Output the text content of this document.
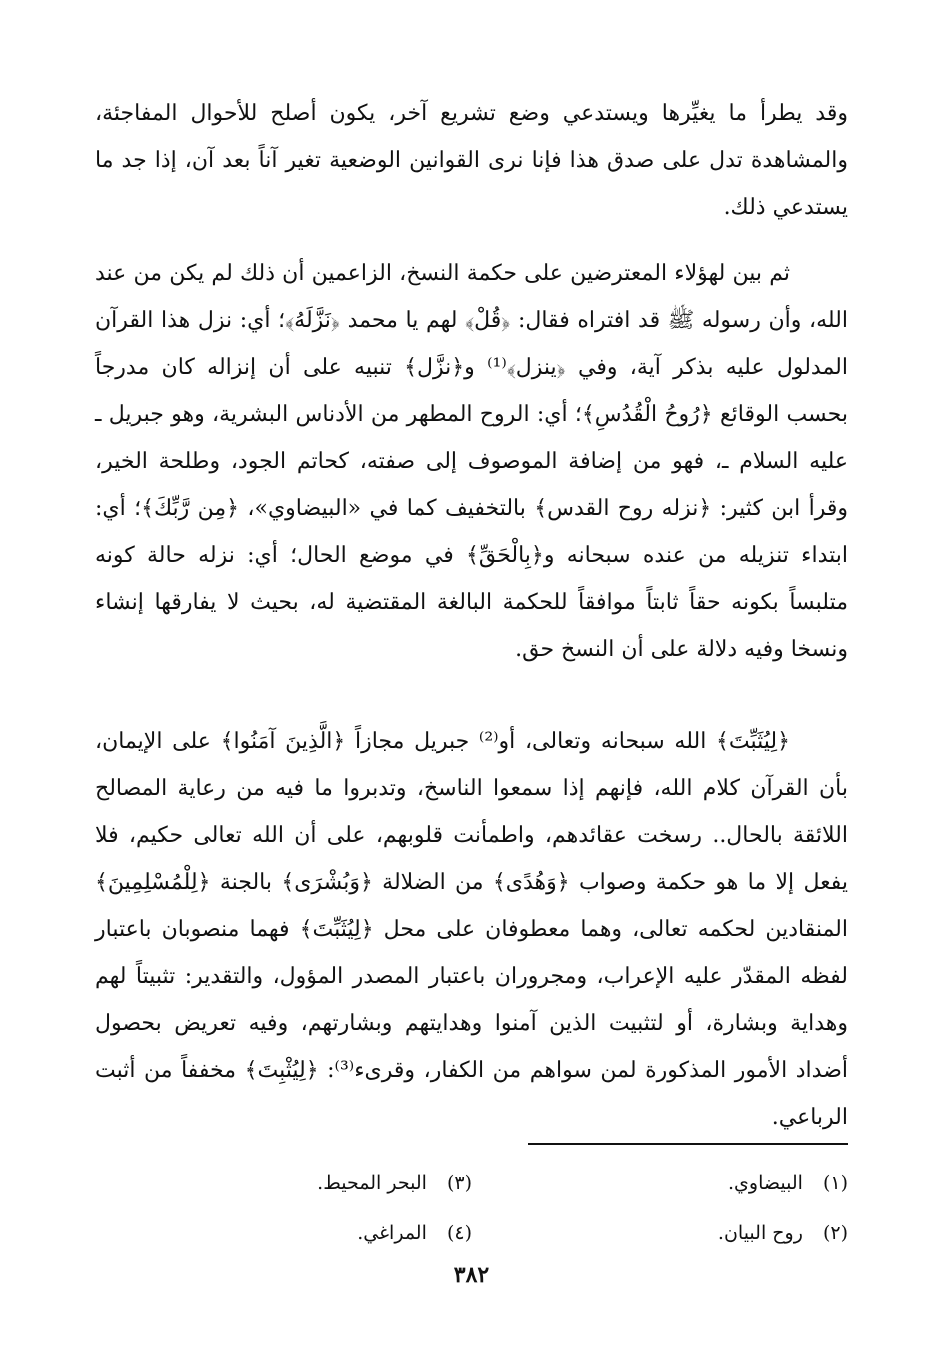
وقد يطرأ ما يغيِّرها ويستدعي وضع تشريع آخر، يكون أصلح للأحوال المفاجئة، والمشاهدة تدل على صدق هذا فإنا نرى القوانين الوضعية تغير آناً بعد آن، إذا جد ما يستدعي ذلك.

ثم بين لهؤلاء المعترضين على حكمة النسخ، الزاعمين أن ذلك لم يكن من عند الله، وأن رسوله ﷺ قد افتراه فقال: ﴿قُلْ﴾ لهم يا محمد ﴿نَزَّلَهُ﴾؛ أي: نزل هذا القرآن المدلول عليه بذكر آية، وفي ﴿ينزل﴾⁽¹⁾ و﴿نزَّل﴾ تنبيه على أن إنزاله كان مدرجاً بحسب الوقائع ﴿رُوحُ الْقُدُسِ﴾؛ أي: الروح المطهر من الأدناس البشرية، وهو جبريل ـ عليه السلام ـ، فهو من إضافة الموصوف إلى صفته، كحاتم الجود، وطلحة الخير، وقرأ ابن كثير: ﴿نزله روح القدس﴾ بالتخفيف كما في «البيضاوي»، ﴿مِن رَّبِّكَ﴾؛ أي: ابتداء تنزيله من عنده سبحانه و﴿بِالْحَقِّ﴾ في موضع الحال؛ أي: نزله حالة كونه متلبساً بكونه حقاً ثابتاً موافقاً للحكمة البالغة المقتضية له، بحيث لا يفارقها إنشاء ونسخا وفيه دلالة على أن النسخ حق.

﴿لِيُثَبِّتَ﴾ الله سبحانه وتعالى، أو⁽²⁾ جبريل مجازاً ﴿الَّذِينَ آمَنُوا﴾ على الإيمان، بأن القرآن كلام الله، فإنهم إذا سمعوا الناسخ، وتدبروا ما فيه من رعاية المصالح اللائقة بالحال.. رسخت عقائدهم، واطمأنت قلوبهم، على أن الله تعالى حكيم، فلا يفعل إلا ما هو حكمة وصواب ﴿وَهُدًى﴾ من الضلالة ﴿وَبُشْرَى﴾ بالجنة ﴿لِلْمُسْلِمِينَ﴾ المنقادين لحكمه تعالى، وهما معطوفان على محل ﴿لِيُثَبِّتَ﴾ فهما منصوبان باعتبار لفظه المقدّر عليه الإعراب، ومجروران باعتبار المصدر المؤول، والتقدير: تثبيتاً لهم وهداية وبشارة، أو لتثبيت الذين آمنوا وهدايتهم وبشارتهم، وفيه تعريض بحصول أضداد الأمور المذكورة لمن سواهم من الكفار، وقرىء⁽³⁾: ﴿لِيُثْبِتَ﴾ مخففاً من أثبت الرباعي.

(١) البيضاوي.
(٣) البحر المحيط.
(٢) روح البيان.
(٤) المراغي.
٣٨٢
